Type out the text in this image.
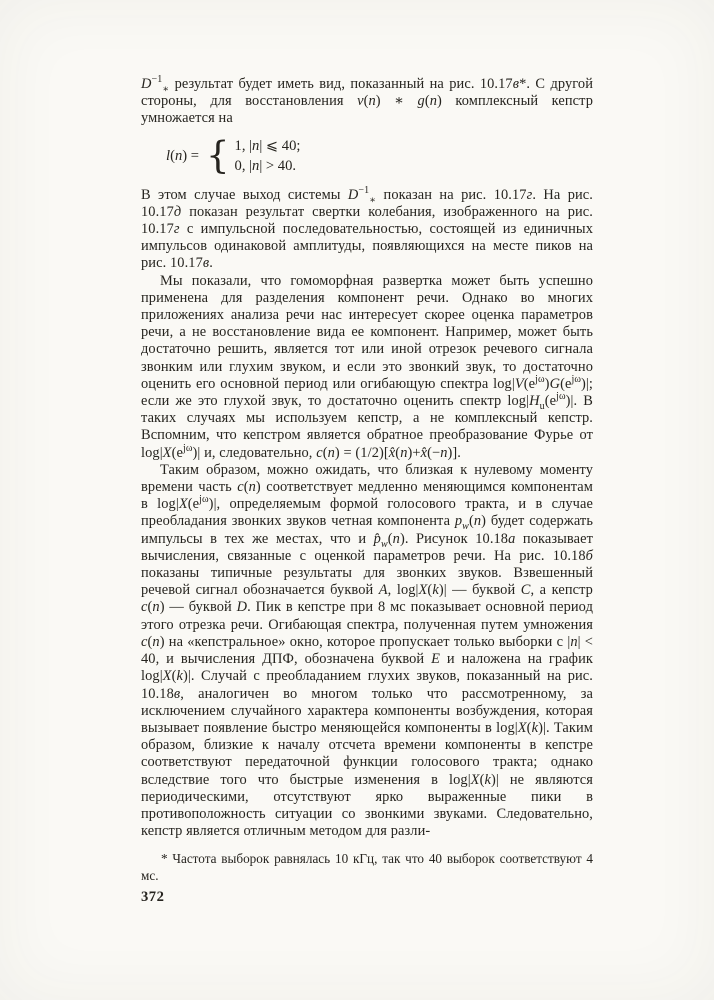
$D^{-1}_∗$ результат будет иметь вид, показанный на рис. 10.17в*. С другой стороны, для восстановления v(n) ∗ g(n) комплексный кепстр умножается на

l(n) = { 1, |n| ⩽ 40;
0, |n| > 40.

В этом случае выход системы $D^{-1}_∗$ показан на рис. 10.17г. На рис. 10.17д показан результат свертки колебания, изображенного на рис. 10.17г с импульсной последовательностью, состоящей из единичных импульсов одинаковой амплитуды, появляющихся на месте пиков на рис. 10.17в.

Мы показали, что гомоморфная развертка может быть успешно применена для разделения компонент речи. Однако во многих приложениях анализа речи нас интересует скорее оценка параметров речи, а не восстановление вида ее компонент. Например, может быть достаточно решить, является тот или иной отрезок речевого сигнала звонким или глухим звуком, и если это звонкий звук, то достаточно оценить его основной период или огибающую спектра $\log|V(e^{j\omega})G(e^{j\omega})|$; если же это глухой звук, то достаточно оценить спектр $\log|H_u(e^{j\omega})|$. В таких случаях мы используем кепстр, а не комплексный кепстр. Вспомним, что кепстром является обратное преобразование Фурье от $\log|X(e^{j\omega})|$ и, следовательно, c(n) = (1/2)[x̂(n)+x̂(−n)].

Таким образом, можно ожидать, что близкая к нулевому моменту времени часть c(n) соответствует медленно меняющимся компонентам в $\log|X(e^{j\omega})|$, определяемым формой голосового тракта, и в случае преобладания звонких звуков четная компонента $p_w(n)$ будет содержать импульсы в тех же местах, что и $p̂_w(n)$. Рисунок 10.18а показывает вычисления, связанные с оценкой параметров речи. На рис. 10.18б показаны типичные результаты для звонких звуков. Взвешенный речевой сигнал обозначается буквой A, log|X(k)| — буквой C, а кепстр c(n) — буквой D. Пик в кепстре при 8 мс показывает основной период этого отрезка речи. Огибающая спектра, полученная путем умножения c(n) на «кепстральное» окно, которое пропускает только выборки с |n| < 40, и вычисления ДПФ, обозначена буквой E и наложена на график log|X(k)|. Случай с преобладанием глухих звуков, показанный на рис. 10.18в, аналогичен во многом только что рассмотренному, за исключением случайного характера компоненты возбуждения, которая вызывает появление быстро меняющейся компоненты в log|X(k)|. Таким образом, близкие к началу отсчета времени компоненты в кепстре соответствуют передаточной функции голосового тракта; однако вследствие того что быстрые изменения в log|X(k)| не являются периодическими, отсутствуют ярко выраженные пики в противоположность ситуации со звонкими звуками. Следовательно, кепстр является отличным методом для разли-

* Частота выборок равнялась 10 кГц, так что 40 выборок соответствуют 4 мс.
372
